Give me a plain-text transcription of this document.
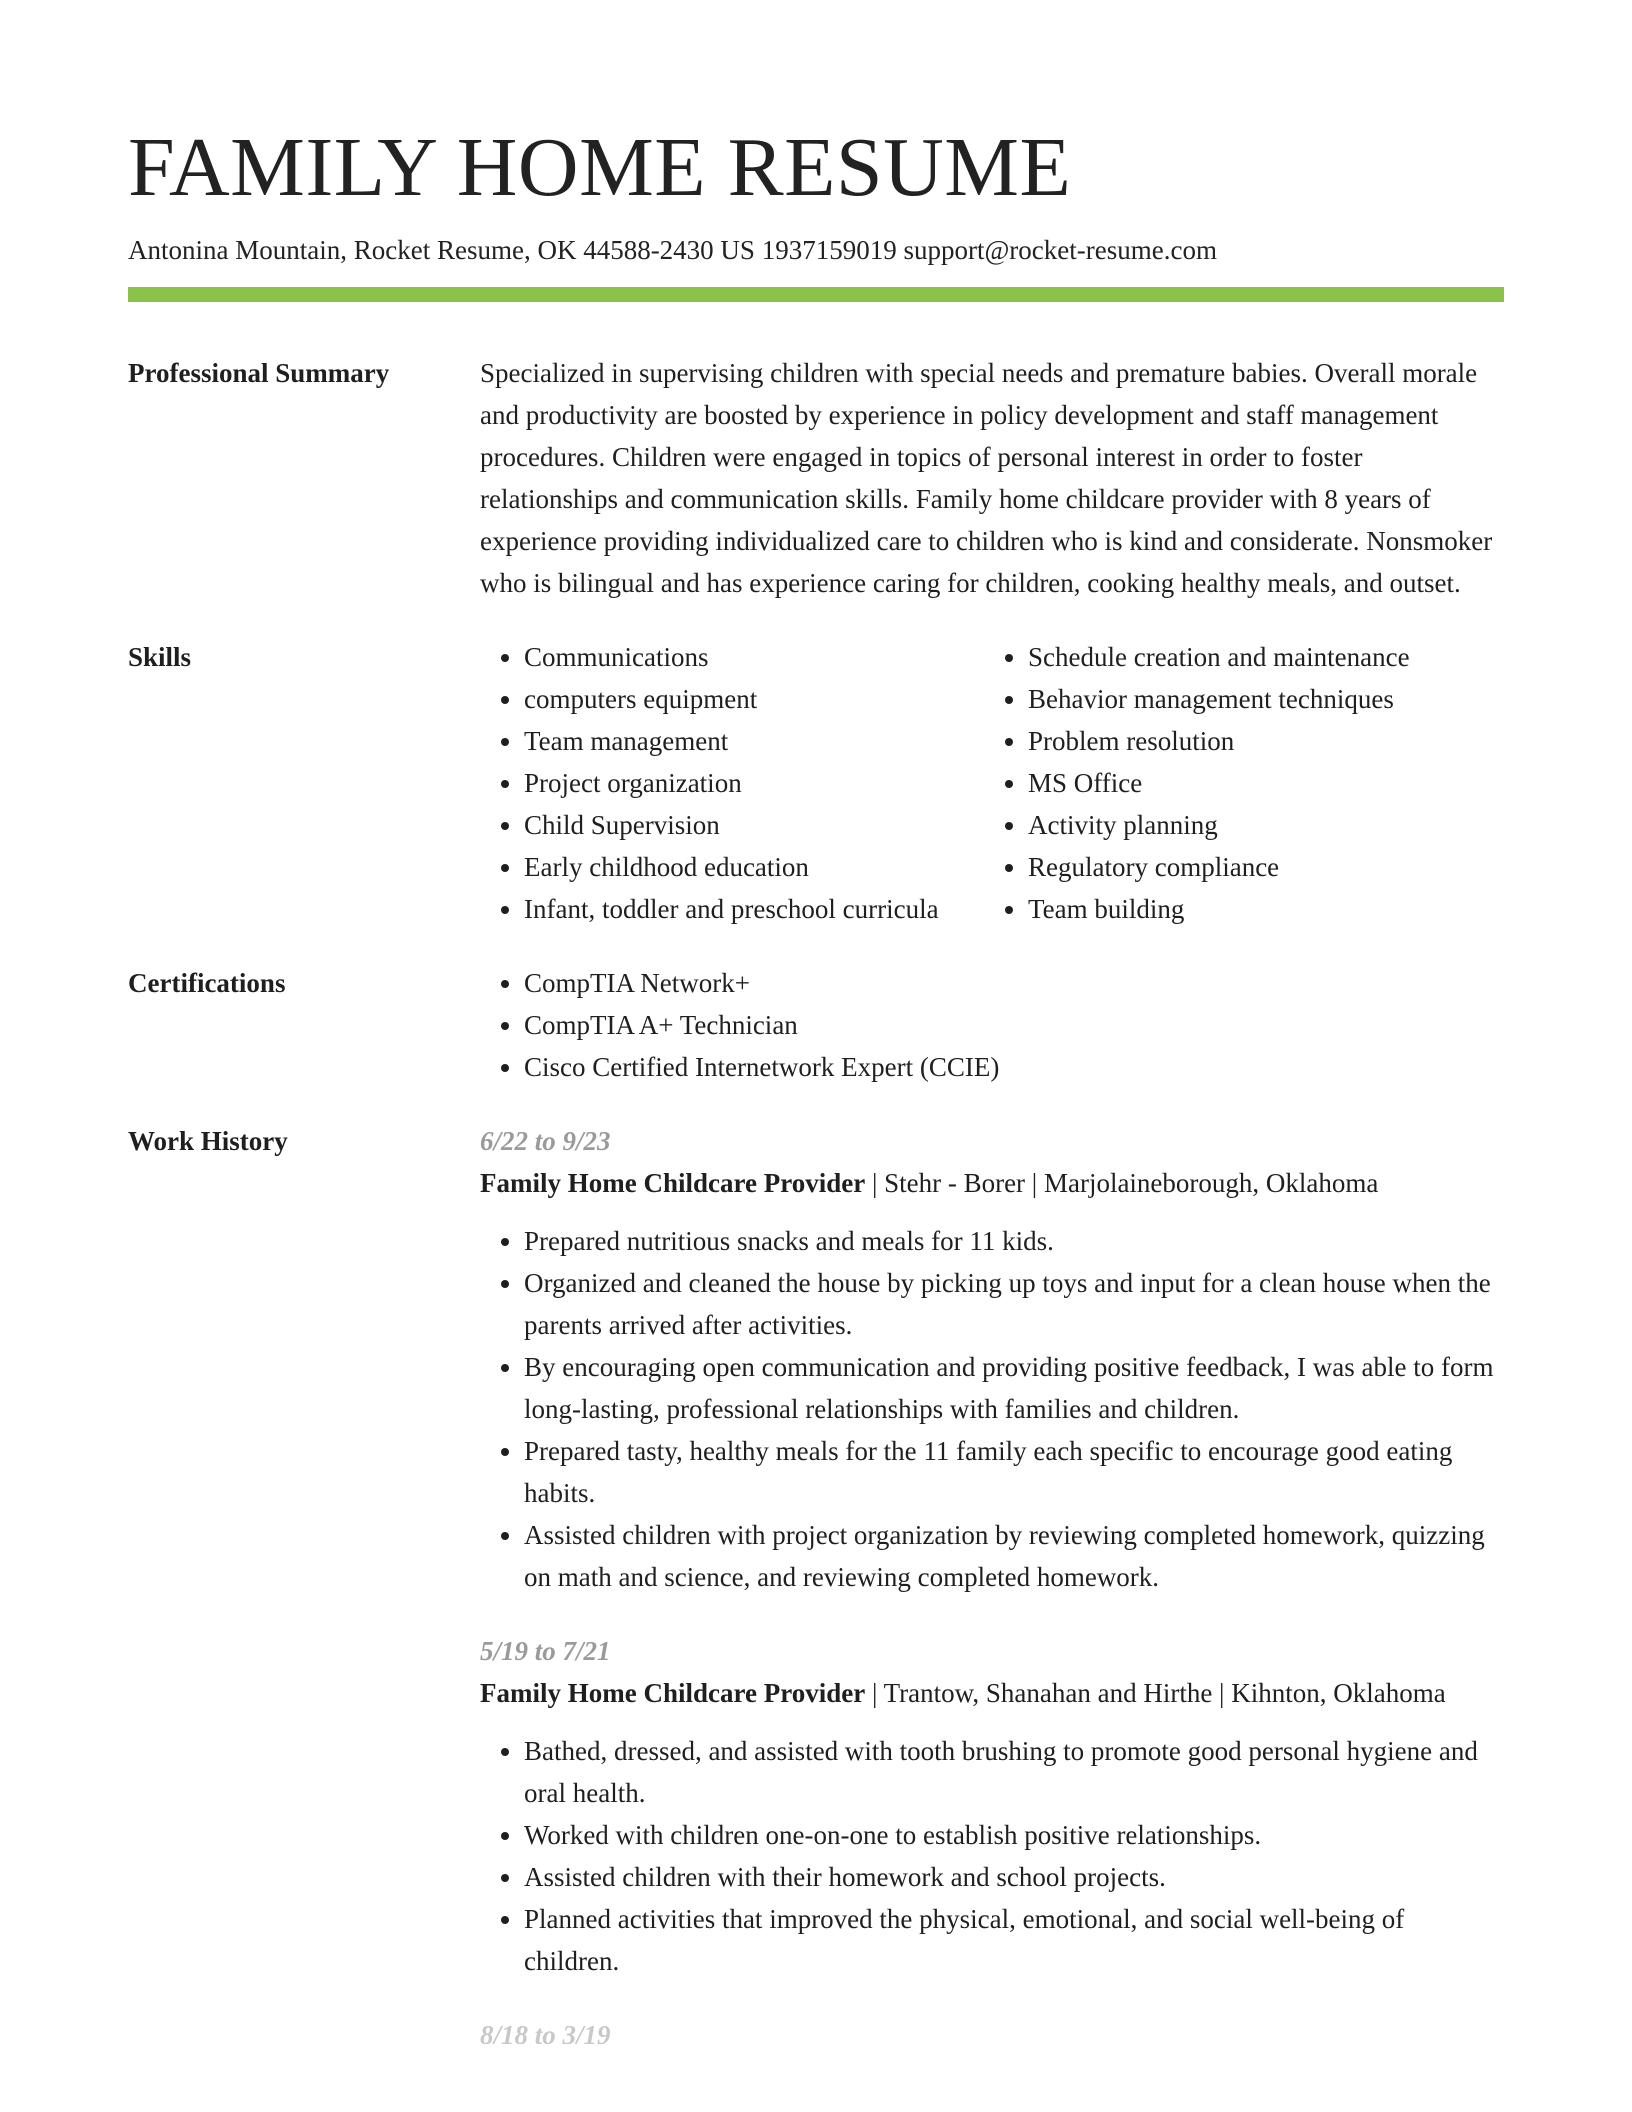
FAMILY HOME RESUME
Antonina Mountain, Rocket Resume, OK 44588-2430 US 1937159019 support@rocket-resume.com
Professional Summary	Specialized in supervising children with special needs and premature babies. Overall morale and productivity are boosted by experience in policy development and staff management procedures. Children were engaged in topics of personal interest in order to foster relationships and communication skills. Family home childcare provider with 8 years of experience providing individualized care to children who is kind and considerate. Nonsmoker who is bilingual and has experience caring for children, cooking healthy meals, and outset.

Skills	• Communications
• computers equipment
• Team management
• Project organization
• Child Supervision
• Early childhood education
• Infant, toddler and preschool curricula
• Schedule creation and maintenance
• Behavior management techniques
• Problem resolution
• MS Office
• Activity planning
• Regulatory compliance
• Team building
Certifications	• CompTIA Network+
• CompTIA A+ Technician
• Cisco Certified Internetwork Expert (CCIE)
Work History	6/22 to 9/23
Family Home Childcare Provider | Stehr - Borer | Marjolaineborough, Oklahoma
• Prepared nutritious snacks and meals for 11 kids.
• Organized and cleaned the house by picking up toys and input for a clean house when the parents arrived after activities.
• By encouraging open communication and providing positive feedback, I was able to form long-lasting, professional relationships with families and children.
• Prepared tasty, healthy meals for the 11 family each specific to encourage good eating habits.
• Assisted children with project organization by reviewing completed homework, quizzing on math and science, and reviewing completed homework.
5/19 to 7/21
Family Home Childcare Provider | Trantow, Shanahan and Hirthe | Kihnton, Oklahoma
• Bathed, dressed, and assisted with tooth brushing to promote good personal hygiene and oral health.
• Worked with children one-on-one to establish positive relationships.
• Assisted children with their homework and school projects.
• Planned activities that improved the physical, emotional, and social well-being of children.
8/18 to 3/19
